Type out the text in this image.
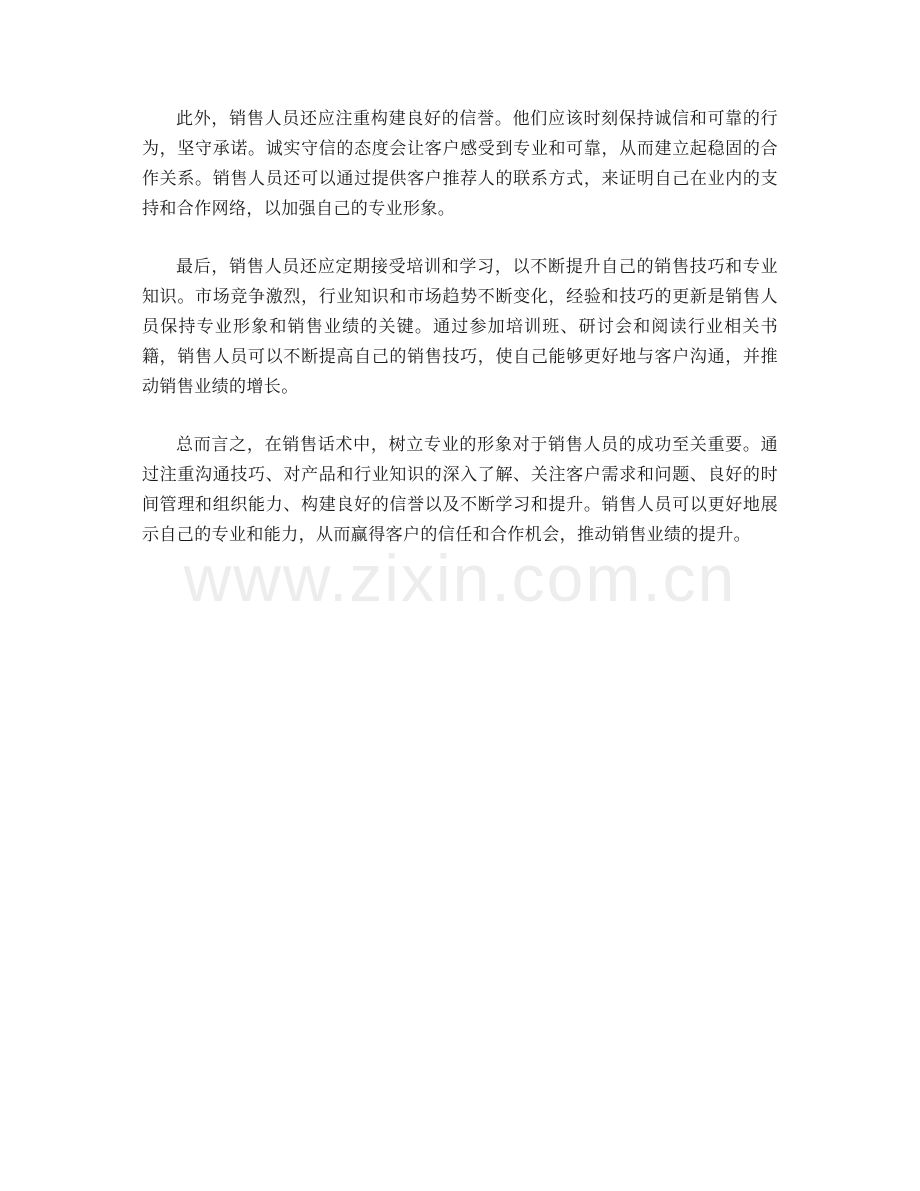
此外，销售人员还应注重构建良好的信誉。他们应该时刻保持诚信和可靠的行为，坚守承诺。诚实守信的态度会让客户感受到专业和可靠，从而建立起稳固的合作关系。销售人员还可以通过提供客户推荐人的联系方式，来证明自己在业内的支持和合作网络，以加强自己的专业形象。

最后，销售人员还应定期接受培训和学习，以不断提升自己的销售技巧和专业知识。市场竞争激烈，行业知识和市场趋势不断变化，经验和技巧的更新是销售人员保持专业形象和销售业绩的关键。通过参加培训班、研讨会和阅读行业相关书籍，销售人员可以不断提高自己的销售技巧，使自己能够更好地与客户沟通，并推动销售业绩的增长。

总而言之，在销售话术中，树立专业的形象对于销售人员的成功至关重要。通过注重沟通技巧、对产品和行业知识的深入了解、关注客户需求和问题、良好的时间管理和组织能力、构建良好的信誉以及不断学习和提升。销售人员可以更好地展示自己的专业和能力，从而赢得客户的信任和合作机会，推动销售业绩的提升。

www.zixin.com.cn
